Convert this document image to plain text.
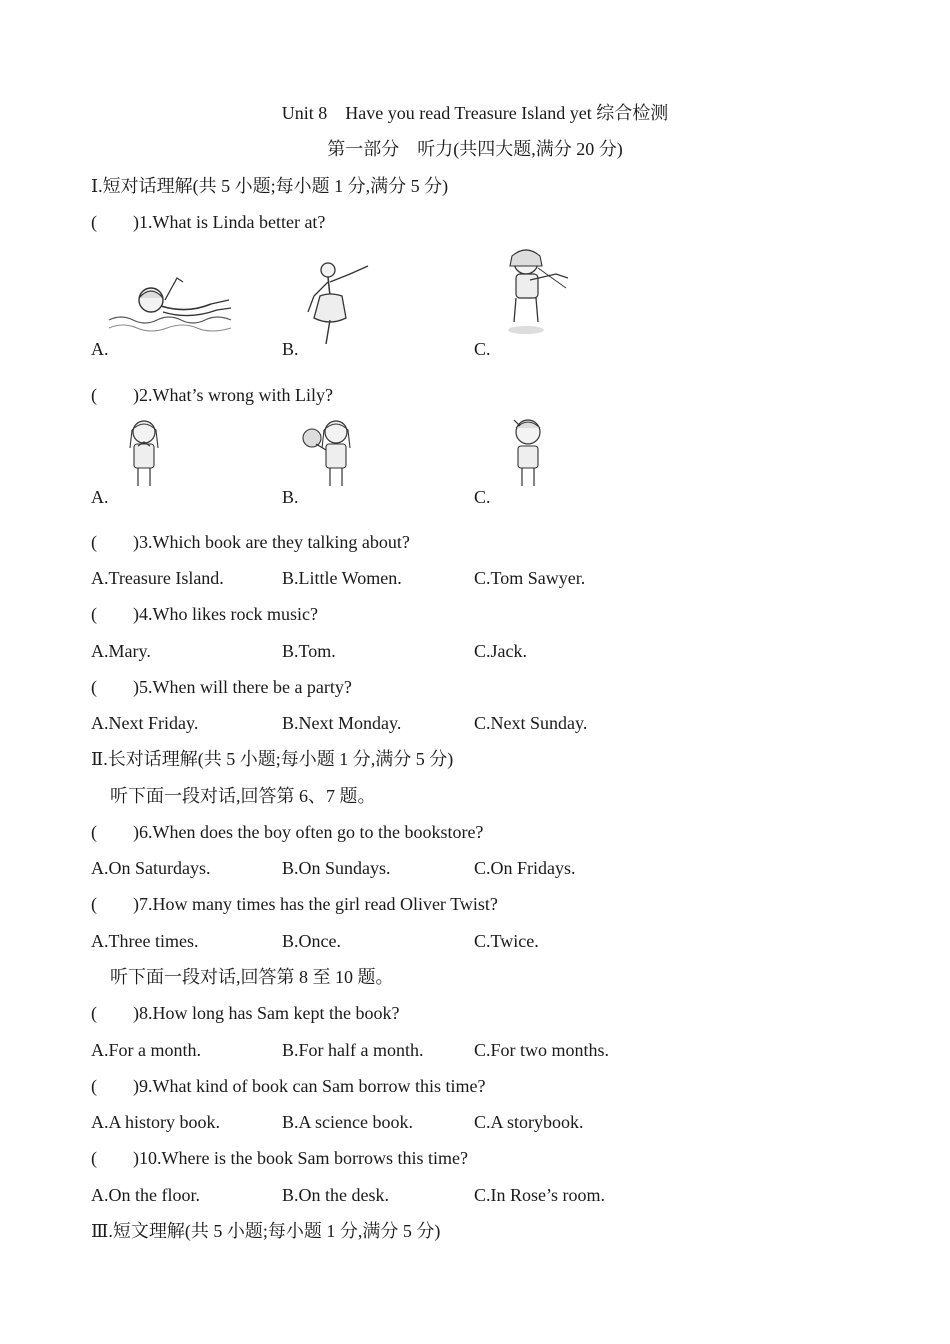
Unit 8　Have you read Treasure Island yet 综合检测
第一部分　听力(共四大题,满分 20 分)
Ⅰ.短对话理解(共 5 小题;每小题 1 分,满分 5 分)
(　　)1.What is Linda better at?
A.	B.	C.
(　　)2.What’s wrong with Lily?
A.	B.	C.
(　　)3.Which book are they talking about?
A.Treasure Island.	B.Little Women.	C.Tom Sawyer.
(　　)4.Who likes rock music?
A.Mary.	B.Tom.	C.Jack.
(　　)5.When will there be a party?
A.Next Friday.	B.Next Monday.	C.Next Sunday.
Ⅱ.长对话理解(共 5 小题;每小题 1 分,满分 5 分)
听下面一段对话,回答第 6、7 题。
(　　)6.When does the boy often go to the bookstore?
A.On Saturdays.	B.On Sundays.	C.On Fridays.
(　　)7.How many times has the girl read Oliver Twist?
A.Three times.	B.Once.	C.Twice.
听下面一段对话,回答第 8 至 10 题。
(　　)8.How long has Sam kept the book?
A.For a month.	B.For half a month.	C.For two months.
(　　)9.What kind of book can Sam borrow this time?
A.A history book.	B.A science book.	C.A storybook.
(　　)10.Where is the book Sam borrows this time?
A.On the floor.	B.On the desk.	C.In Rose’s room.
Ⅲ.短文理解(共 5 小题;每小题 1 分,满分 5 分)
